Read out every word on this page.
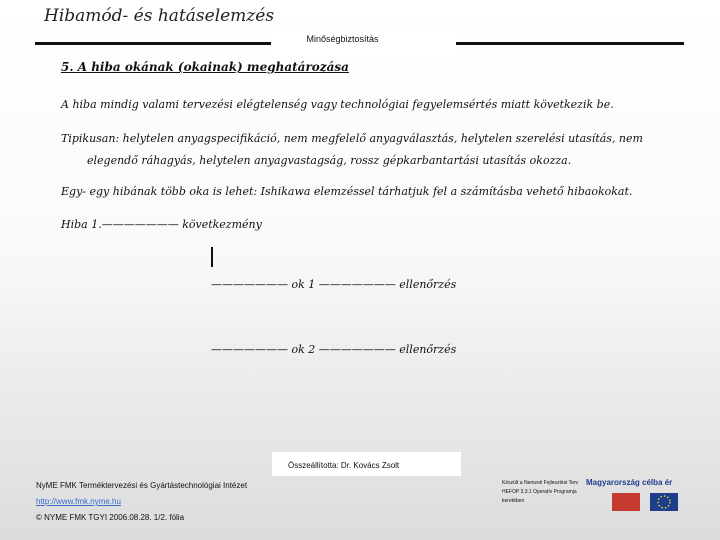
Hibamód- és hatáselemzés
Minőségbiztosítás
5. A hiba okának (okainak) meghatározása
A hiba mindig valami tervezési elégtelenség vagy technológiai fegyelemsértés miatt következik be.
Tipikusan: helytelen anyagspecifikáció, nem megfelelő anyagválasztás, helytelen szerelési utasítás, nem
elegendő ráhagyás, helytelen anyagvastagság, rossz gépkarbantartási utasítás okozza.
Egy- egy hibának több oka is lehet: Ishikawa elemzéssel tárhatjuk fel a számításba vehető hibaokokat.
Hiba 1.——————— következmény
——————— ok 1 ——————— ellenőrzés
——————— ok 2 ——————— ellenőrzés
Összeállította: Dr. Kovács Zsolt
NyME FMK Terméktervezési és Gyártástechnológiai Intézet
http://www.fmk.nyme.hu
© NYME FMK TGYI 2006.08.28. 1/2. fólia
Készült a Nemzeti Fejlesztési Terv
HEFOP 3.3.1 Operatív Programja
keretében
Magyarország célba ér
